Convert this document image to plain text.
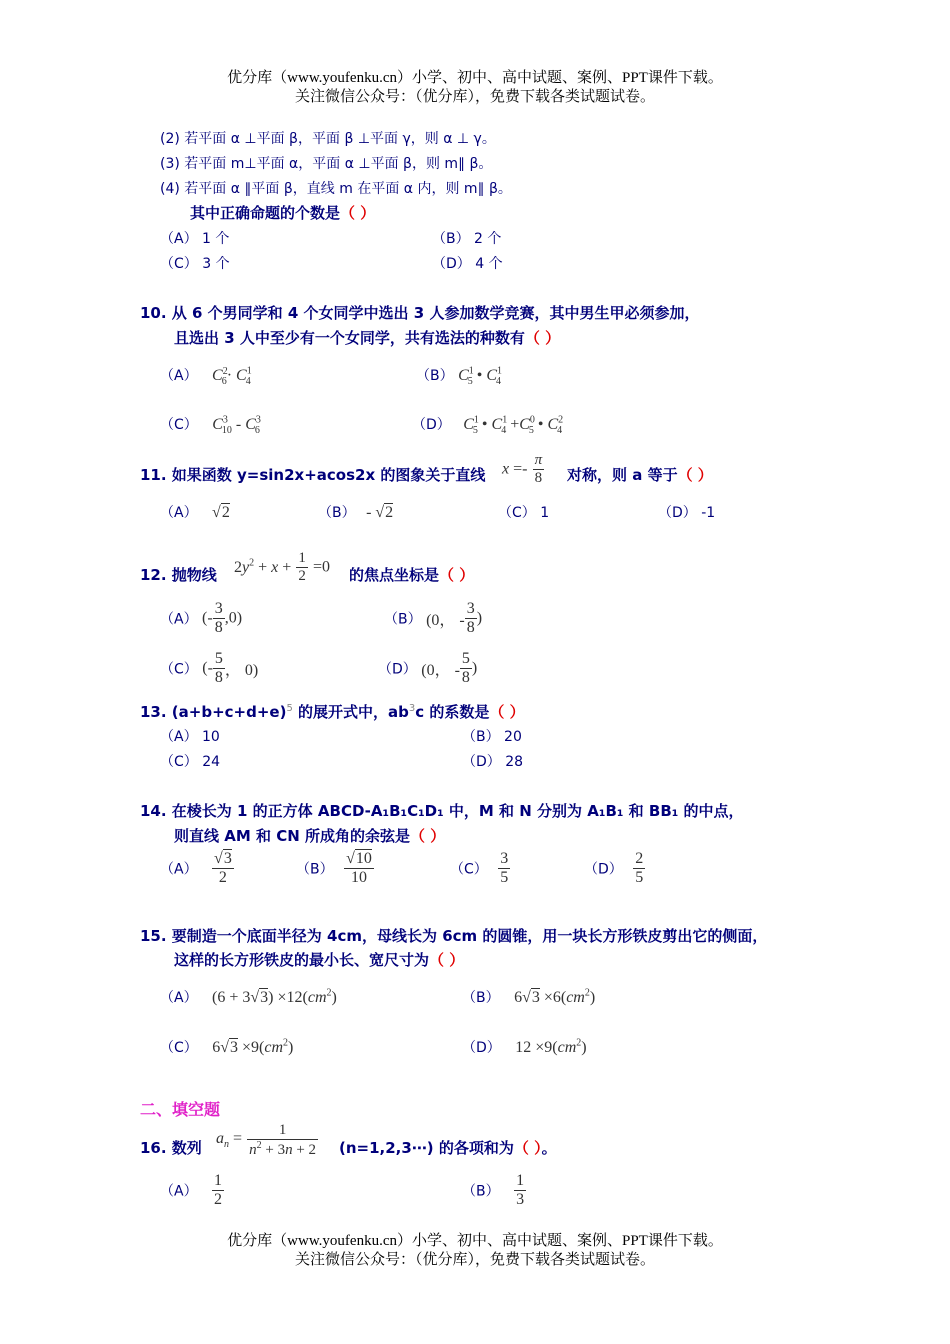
优分库（www.youfenku.cn）小学、初中、高中试题、案例、PPT课件下载。
关注微信公众号：（优分库），免费下载各类试题试卷。
(2) 若平面 α ⊥平面 β，平面 β ⊥平面 γ，则 α ⊥ γ。
(3) 若平面 m⊥平面 α，平面 α ⊥平面 β，则 m∥ β。
(4) 若平面 α ∥平面 β，直线 m 在平面 α 内，则 m∥ β。
其中正确命题的个数是（ ）
（A） 1 个	（B） 2 个
（C） 3 个	（D） 4 个
10. 从 6 个男同学和 4 个女同学中选出 3 人参加数学竞赛，其中男生甲必须参加，
且选出 3 人中至少有一个女同学，共有选法的种数有（ ）
（A） $C^2_6\cdot C^1_4$	（B） $C^1_5$ • $C^1_4$
（C） $C^3_{10} - C^3_6$	（D） $C^1_5$ • $C^1_4 +C^0_5$ • $C^2_4$
11. 如果函数 y=sin2x+acos2x 的图象关于直线 $x =- \frac{\pi}{8}$ 对称，则 a 等于（ ）
（A） √2	（B） - √2	（C） 1	（D） -1
12. 抛物线 $2y^2 + x + \frac{1}{2} =0$ 的焦点坐标是（ ）
（A） (- $\frac{3}{8} ,0$)	（B） (0， - $\frac{3}{8}$ )
（C） (- $\frac{5}{8}$ ， 0)	（D） (0， - $\frac{5}{8}$ )
13. $(a+b+c+d+e)^5$ 的展开式中，$ab^3c$ 的系数是（ ）
（A） 10	（B） 20
（C） 24	（D） 28
14. 在棱长为 1 的正方体 ABCD-A₁B₁C₁D₁ 中，M 和 N 分别为 A₁B₁ 和 BB₁ 的中点，
则直线 AM 和 CN 所成角的余弦是（ ）
$(A) \frac{√3}{2}$	$(B) \frac{√10}{10}$	$(C) \frac{3}{5}$	$(D) \frac{2}{5}$
15. 要制造一个底面半径为 4cm，母线长为 6cm 的圆锥，用一块长方形铁皮剪出它的侧面，
这样的长方形铁皮的最小长、宽尺寸为（ ）
（A） $(6 + 3√3) \times 12(cm^2)$	（B） $6√3 \times 6(cm^2)$
（C） $6√3 \times 9(cm^2)$	（D） $12 \times 9(cm^2)$
二、填空题
16. 数列
$a_n = \frac{1}{n^2 + 3n + 2}$ (n=1,2,3⋯) 的各项和为（ ）。
$(A) \frac{1}{2}$	$(B) \frac{1}{3}$
优分库（www.youfenku.cn）小学、初中、高中试题、案例、PPT课件下载。
关注微信公众号：（优分库），免费下载各类试题试卷。
